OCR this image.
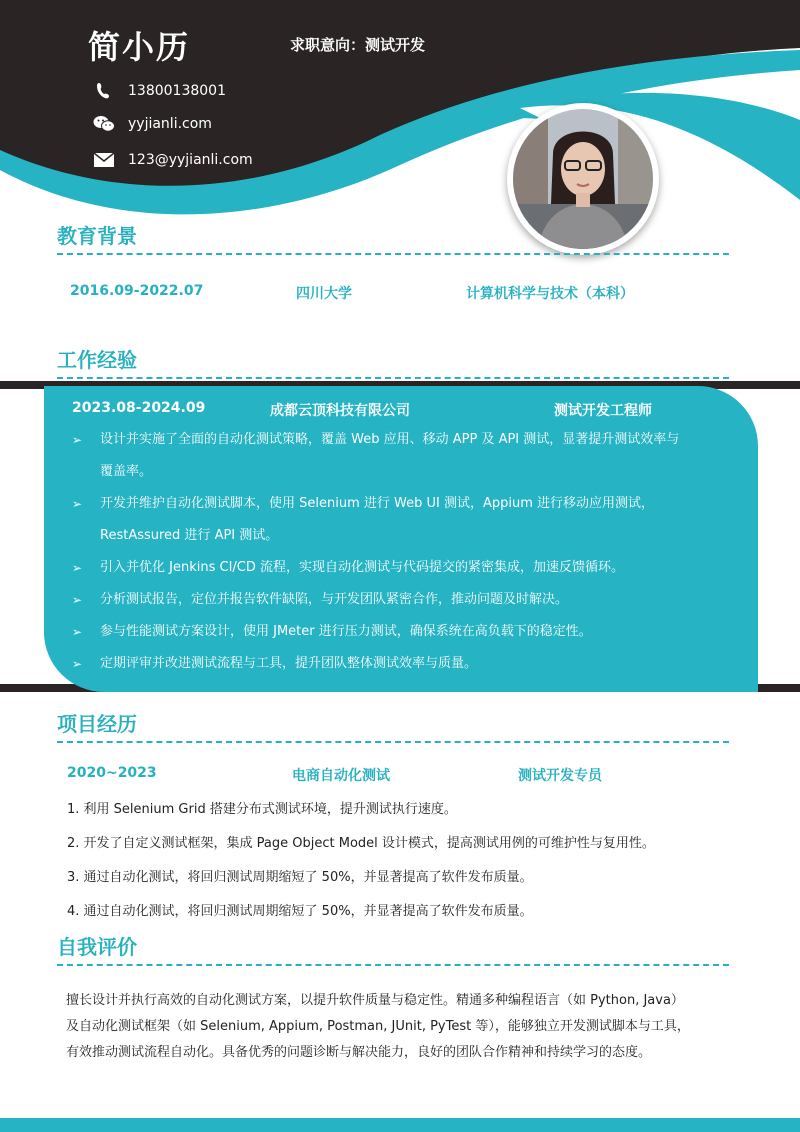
简小历	求职意向：测试开发
13800138001
yyjianli.com
123@yyjianli.com
教育背景
2016.09-2022.07	四川大学	计算机科学与技术（本科）
工作经验
2023.08-2024.09	成都云顶科技有限公司	测试开发工程师
➢	设计并实施了全面的自动化测试策略，覆盖 Web 应用、移动 APP 及 API 测试，显著提升测试效率与
覆盖率。
➢	开发并维护自动化测试脚本，使用 Selenium 进行 Web UI 测试，Appium 进行移动应用测试，
RestAssured 进行 API 测试。
➢	引入并优化 Jenkins CI/CD 流程，实现自动化测试与代码提交的紧密集成，加速反馈循环。
➢	分析测试报告，定位并报告软件缺陷，与开发团队紧密合作，推动问题及时解决。
➢	参与性能测试方案设计，使用 JMeter 进行压力测试，确保系统在高负载下的稳定性。
➢	定期评审并改进测试流程与工具，提升团队整体测试效率与质量。
项目经历
2020~2023	电商自动化测试	测试开发专员
1. 利用 Selenium Grid 搭建分布式测试环境，提升测试执行速度。
2. 开发了自定义测试框架，集成 Page Object Model 设计模式，提高测试用例的可维护性与复用性。
3. 通过自动化测试，将回归测试周期缩短了 50%，并显著提高了软件发布质量。
4. 通过自动化测试，将回归测试周期缩短了 50%，并显著提高了软件发布质量。
自我评价
擅长设计并执行高效的自动化测试方案，以提升软件质量与稳定性。精通多种编程语言（如 Python, Java）
及自动化测试框架（如 Selenium, Appium, Postman, JUnit, PyTest 等），能够独立开发测试脚本与工具，
有效推动测试流程自动化。具备优秀的问题诊断与解决能力，良好的团队合作精神和持续学习的态度。
